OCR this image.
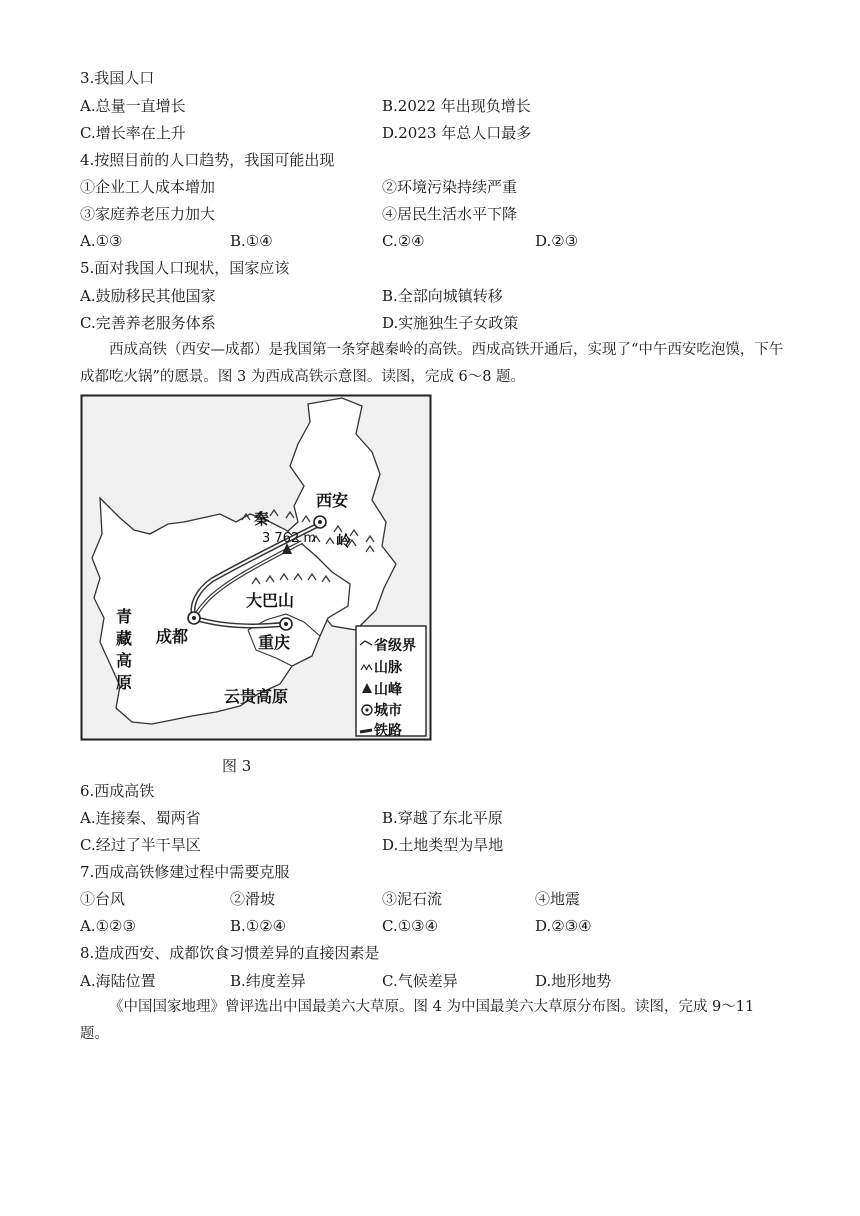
3.我国人口
A.总量一直增长	B.2022 年出现负增长
C.增长率在上升	D.2023 年总人口最多
4.按照目前的人口趋势，我国可能出现
①企业工人成本增加	②环境污染持续严重
③家庭养老压力加大	④居民生活水平下降
A.①③	B.①④	C.②④	D.②③
5.面对我国人口现状，国家应该
A.鼓励移民其他国家	B.全部向城镇转移
C.完善养老服务体系	D.实施独生子女政策
西成高铁（西安—成都）是我国第一条穿越秦岭的高铁。西成高铁开通后，实现了“中午西安吃泡馍，下午成都吃火锅”的愿景。图 3 为西成高铁示意图。读图，完成 6～8 题。
西安
秦
岭
3 762 m
大巴山
成都	重庆
青
藏
高
原
云贵高原
省级界
山脉
山峰
城市
铁路
图 3
6.西成高铁
A.连接秦、蜀两省	B.穿越了东北平原
C.经过了半干旱区	D.土地类型为旱地
7.西成高铁修建过程中需要克服
①台风	②滑坡	③泥石流	④地震
A.①②③	B.①②④	C.①③④	D.②③④
8.造成西安、成都饮食习惯差异的直接因素是
A.海陆位置	B.纬度差异	C.气候差异	D.地形地势
《中国国家地理》曾评选出中国最美六大草原。图 4 为中国最美六大草原分布图。读图，完成 9～11 题。
